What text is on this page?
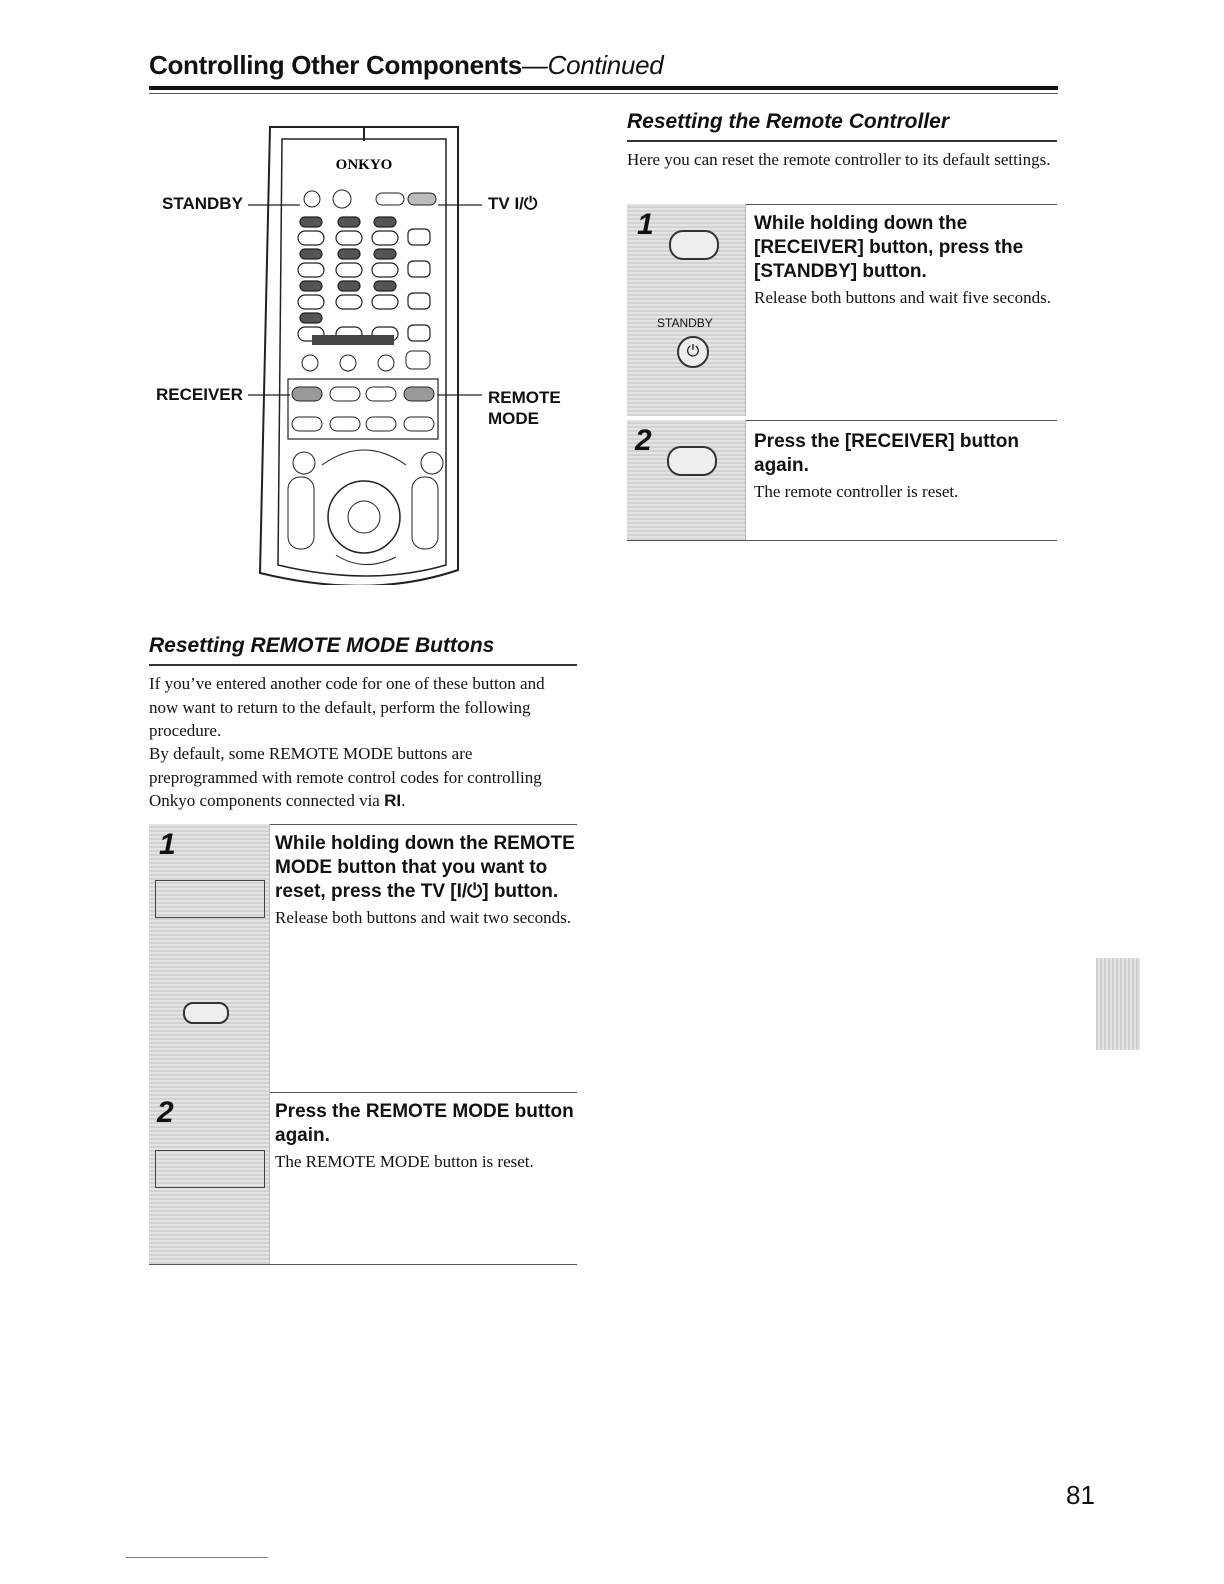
Controlling Other Components—Continued
ONKYO
STANDBY	TV I/⏻
RECEIVER	REMOTE
MODE
Resetting the Remote Controller
Here you can reset the remote controller to its default settings.
1
STANDBY
⏻
While holding down the [RECEIVER] button, press the [STANDBY] button.
Release both buttons and wait five seconds.
2	Press the [RECEIVER] button again.
The remote controller is reset.
Resetting REMOTE MODE Buttons
If you’ve entered another code for one of these button and now want to return to the default, perform the following procedure.
By default, some REMOTE MODE buttons are preprogrammed with remote control codes for controlling Onkyo components connected via RI.
1	While holding down the REMOTE MODE button that you want to reset, press the TV [I/⏻] button.
Release both buttons and wait two seconds.
2	Press the REMOTE MODE button again.
The REMOTE MODE button is reset.
81
